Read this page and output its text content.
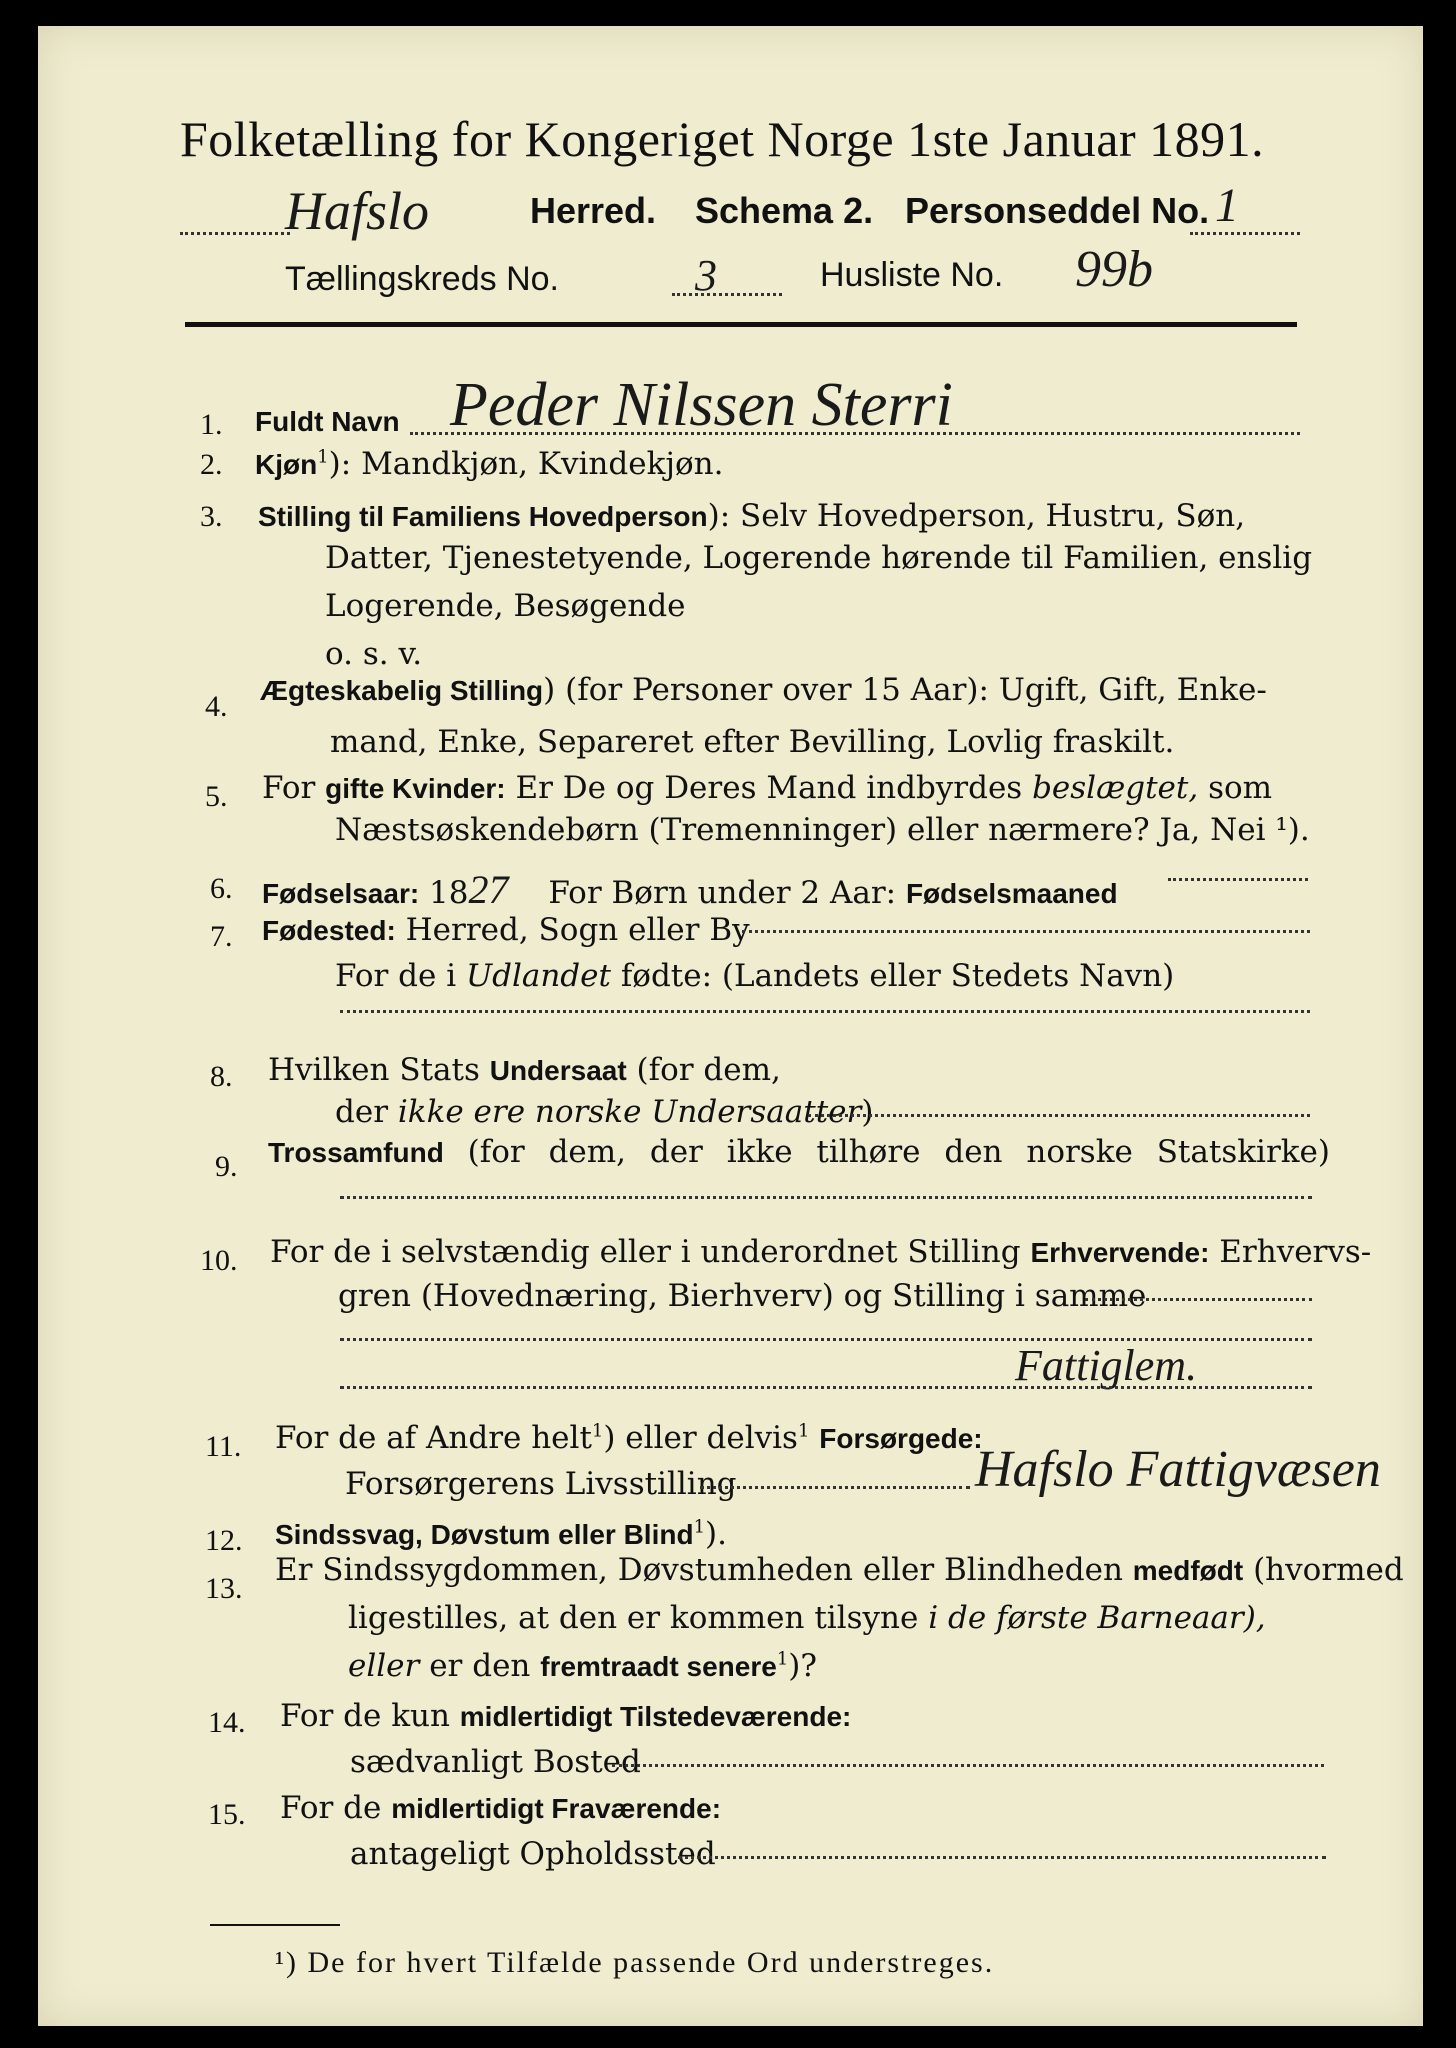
Folketælling for Kongeriget Norge 1ste Januar 1891.
Hafslo	Herred. Schema 2. Personseddel No. 1
Tællingskreds No.	3	Husliste No. 99b
1. Fuldt Navn Peder Nilssen Sterri
2. Kjøn$^1$): Mandkjøn, Kvindekjøn.
3. Stilling til Familiens Hovedperson): Selv Hovedperson, Hustru, Søn,
Datter, Tjenestetyende, Logerende hørende til Familien, enslig
Logerende, Besøgende
o. s. v.
4. Ægteskabelig Stilling) (for Personer over 15 Aar): Ugift, Gift, Enke-
mand, Enke, Separeret efter Bevilling, Lovlig fraskilt.
5. For gifte Kvinder: Er De og Deres Mand indbyrdes beslægtet, som
Næstsøskendebørn (Tremenninger) eller nærmere? Ja, Nei ¹).
6. Fødselsaar: 1827 For Børn under 2 Aar: Fødselsmaaned
7. Fødested: Herred, Sogn eller By
For de i Udlandet fødte: (Landets eller Stedets Navn)
8. Hvilken Stats Undersaat (for dem,
der ikke ere norske Undersaatter)
9. Trossamfund (for dem, der ikke tilhøre den norske Statskirke)
10. For de i selvstændig eller i underordnet Stilling Erhvervende: Erhvervs-
gren (Hovednæring, Bierhverv) og Stilling i samme
Fattiglem.
11. For de af Andre helt$^1$) eller delvis$^1$ Forsørgede:
Forsørgerens Livsstilling	Hafslo Fattigvæsen
12. Sindssvag, Døvstum eller Blind$^1$).
13.
Er Sindssygdommen, Døvstumheden eller Blindheden medfødt (hvormed
ligestilles, at den er kommen tilsyne i de første Barneaar),
eller er den fremtraadt senere$^1$)?
14. For de kun midlertidigt Tilstedeværende:
sædvanligt Bosted
15. For de midlertidigt Fraværende:
antageligt Opholdssted
¹) De for hvert Tilfælde passende Ord understreges.
